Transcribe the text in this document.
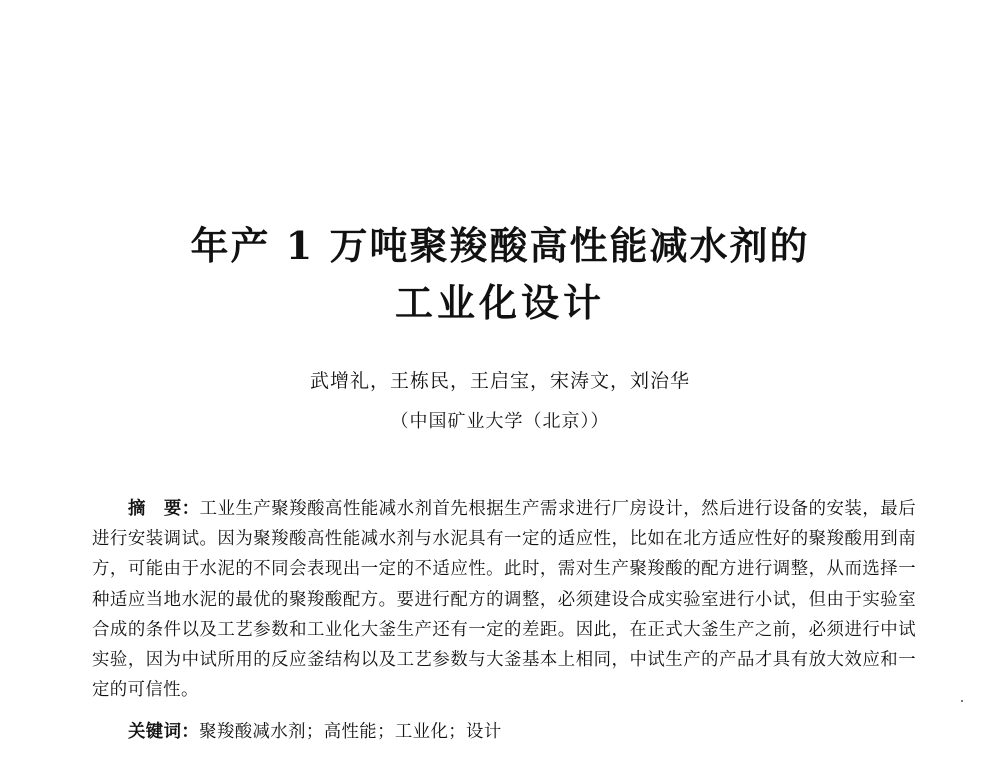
年产 1 万吨聚羧酸高性能减水剂的
工业化设计

武增礼，王栋民，王启宝，宋涛文，刘治华

（中国矿业大学（北京））

摘　要：工业生产聚羧酸高性能减水剂首先根据生产需求进行厂房设计，然后进行设备的安装，最后进行安装调试。因为聚羧酸高性能减水剂与水泥具有一定的适应性，比如在北方适应性好的聚羧酸用到南方，可能由于水泥的不同会表现出一定的不适应性。此时，需对生产聚羧酸的配方进行调整，从而选择一种适应当地水泥的最优的聚羧酸配方。要进行配方的调整，必须建设合成实验室进行小试，但由于实验室合成的条件以及工艺参数和工业化大釜生产还有一定的差距。因此，在正式大釜生产之前，必须进行中试实验，因为中试所用的反应釜结构以及工艺参数与大釜基本上相同，中试生产的产品才具有放大效应和一定的可信性。

关键词：聚羧酸减水剂；高性能；工业化；设计
